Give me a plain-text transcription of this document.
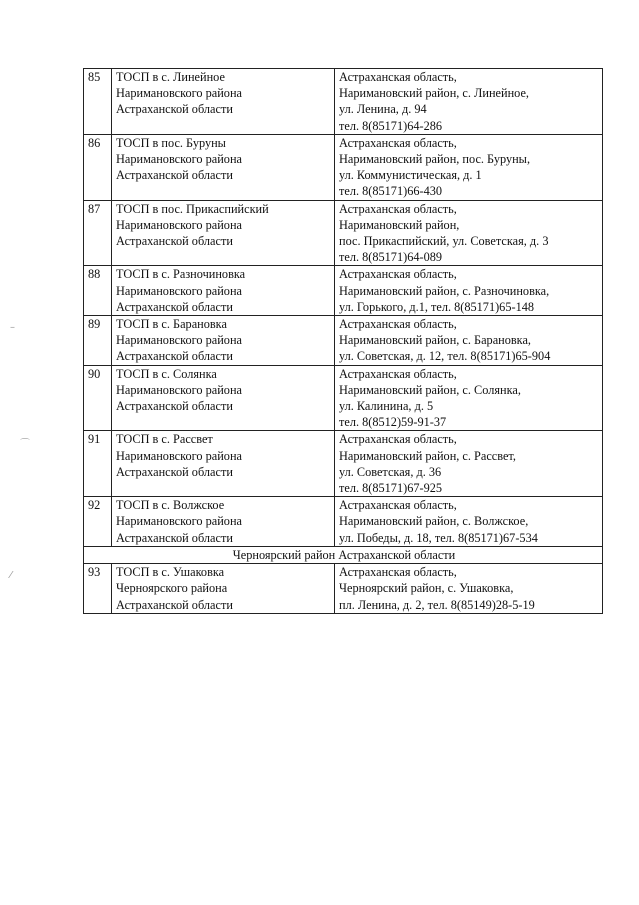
85	ТОСП в с. Линейное
Наримановского района
Астраханской области	Астраханская область,
Наримановский район, с. Линейное,
ул. Ленина, д. 94
тел. 8(85171)64-286

86	ТОСП в пос. Буруны
Наримановского района
Астраханской области	Астраханская область,
Наримановский район, пос. Буруны,
ул. Коммунистическая, д. 1
тел. 8(85171)66-430

87	ТОСП в пос. Прикаспийский
Наримановского района
Астраханской области	Астраханская область,
Наримановский район,
пос. Прикаспийский, ул. Советская, д. 3
тел. 8(85171)64-089

88	ТОСП в с. Разночиновка
Наримановского района
Астраханской области	Астраханская область,
Наримановский район, с. Разночиновка,
ул. Горького, д.1, тел. 8(85171)65-148

89	ТОСП в с. Барановка
Наримановского района
Астраханской области	Астраханская область,
Наримановский район, с. Барановка,
ул. Советская, д. 12, тел. 8(85171)65-904

90	ТОСП в с. Солянка
Наримановского района
Астраханской области	Астраханская область,
Наримановский район, с. Солянка,
ул. Калинина, д. 5
тел. 8(8512)59-91-37

91	ТОСП в с. Рассвет
Наримановского района
Астраханской области	Астраханская область,
Наримановский район, с. Рассвет,
ул. Советская, д. 36
тел. 8(85171)67-925

92	ТОСП в с. Волжское
Наримановского района
Астраханской области	Астраханская область,
Наримановский район, с. Волжское,
ул. Победы, д. 18, тел. 8(85171)67-534

Черноярский район Астраханской области		
93	ТОСП в с. Ушаковка
Черноярского района
Астраханской области	Астраханская область,
Черноярский район, с. Ушаковка,
пл. Ленина, д. 2, тел. 8(85149)28-5-19
–
⌒
⁄
